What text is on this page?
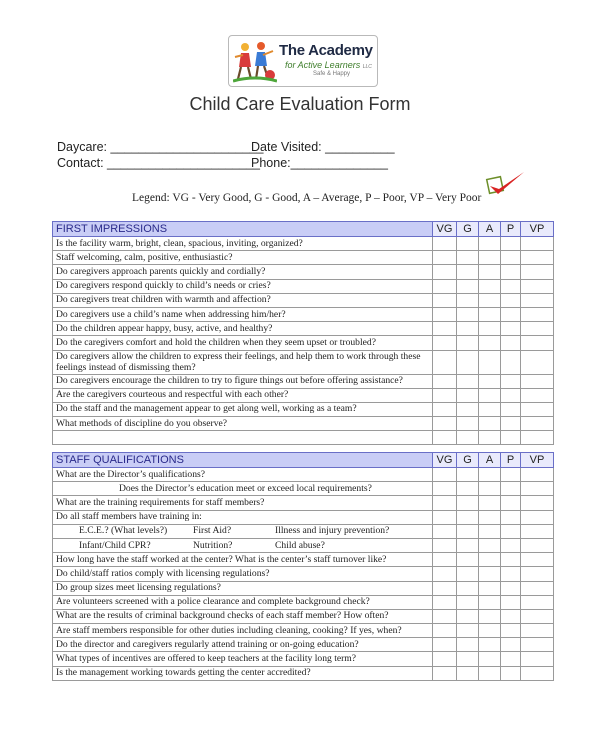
The Academy
for Active Learners LLC
Safe & Happy
Child Care Evaluation Form
Daycare: ______________________
Date Visited: __________
Contact: ______________________
Phone:______________
Legend: VG - Very Good, G - Good, A – Average, P – Poor, VP – Very Poor
FIRST IMPRESSIONS	VG	G	A	P	VP
Is the facility warm, bright, clean, spacious, inviting, organized?					
Staff welcoming, calm, positive, enthusiastic?					
Do caregivers approach parents quickly and cordially?					
Do caregivers respond quickly to child’s needs or cries?					
Do caregivers treat children with warmth and affection?					
Do caregivers use a child’s name when addressing him/her?					
Do the children appear happy, busy, active, and healthy?					
Do the caregivers comfort and hold the children when they seem upset or troubled?					
Do caregivers allow the children to express their feelings, and help them to work through these feelings instead of dismissing them?					
Do caregivers encourage the children to try to figure things out before offering assistance?					
Are the caregivers courteous and respectful with each other?					
Do the staff and the management appear to get along well, working as a team?					
What methods of discipline do you observe?					

STAFF QUALIFICATIONS	VG	G	A	P	VP
What are the Director’s qualifications?					
Does the Director’s education meet or exceed local requirements?					
What are the training requirements for staff members?					
Do all staff members have training in:					
E.C.E.? (What levels?) First Aid? Illness and injury prevention?					
Infant/Child CPR? Nutrition? Child abuse?					
How long have the staff worked at the center? What is the center’s staff turnover like?					
Do child/staff ratios comply with licensing regulations?					
Do group sizes meet licensing regulations?					
Are volunteers screened with a police clearance and complete background check?					
What are the results of criminal background checks of each staff member? How often?					
Are staff members responsible for other duties including cleaning, cooking? If yes, when?					
Do the director and caregivers regularly attend training or on-going education?					
What types of incentives are offered to keep teachers at the facility long term?					
Is the management working towards getting the center accredited?					
